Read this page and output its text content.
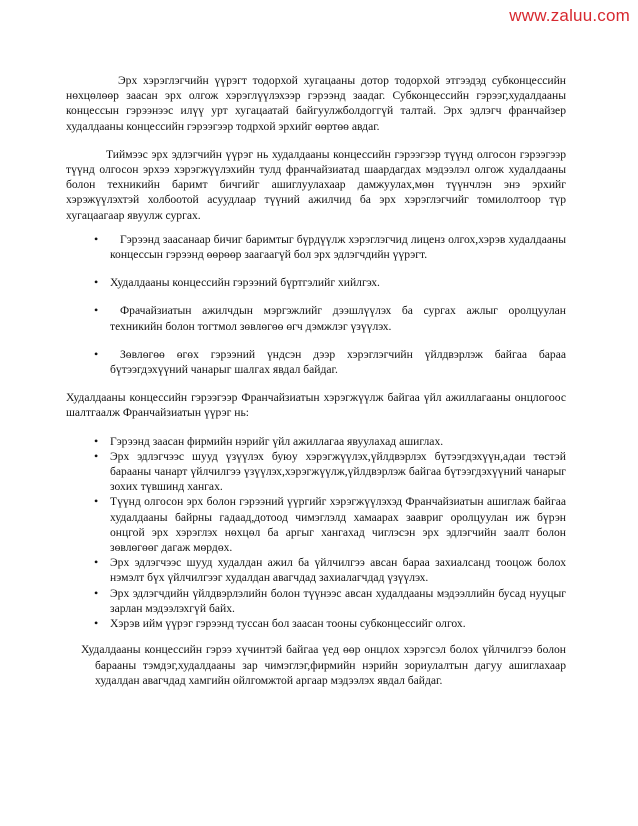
www.zaluu.com

Эрх хэрэглэгчийн үүрэгт тодорхой хугацааны дотор тодорхой этгээдэд субконцессийн нөхцөлөөр заасан эрх олгож хэрэглүүлэхээр гэрээнд заадаг. Субконцессийн гэрээг,худалдааны концессын гэрээнээс илүү урт хугацаатай байгуулжболдоггүй талтай. Эрх эдлэгч франчайзер худалдааны концессийн гэрээгээр тодрхой эрхийг өөртөө авдаг.

Тиймээс эрх эдлэгчийн үүрэг нь худалдааны концессийн гэрээгээр түүнд олгосон гэрээгээр түүнд олгосон эрхээ хэрэгжүүлэхийн тулд франчайзиатад шаардагдах мэдээлэл олгож худалдааны болон техникийн баримт бичгийг ашиглуулахаар дамжуулах,мөн түүнчлэн энэ эрхийг хэрэжүүлэхтэй холбоотой асуудлаар түүний ажилчид ба эрх хэрэглэгчийг томилолтоор түр хугацаагаар явуулж сургах.

• Гэрээнд заасанаар бичиг баримтыг бүрдүүлж хэрэглэгчид лиценз олгох,хэрэв худалдааны концессын гэрээнд өөрөөр заагаагүй бол эрх эдлэгчдийн үүрэгт.
• Худалдааны концессийн гэрээний бүртгэлийг хийлгэх.
• Фрачайзиатын ажилчдын мэргэжлийг дээшлүүлэх ба сургах ажлыг оролцуулан техникийн болон тогтмол зөвлөгөө өгч дэмжлэг үзүүлэх.
• Зөвлөгөө өгөх гэрээний үндсэн дээр хэрэглэгчийн үйлдвэрлэж байгаа бараа бүтээгдэхүүний чанарыг шалгах явдал байдаг.

Худалдааны концессийн гэрээгээр Франчайзиатын хэрэгжүүлж байгаа үйл ажиллагааны онцлогоос шалтгаалж Франчайзиатын үүрэг нь:

• Гэрээнд заасан фирмийн нэрийг үйл ажиллагаа явуулахад ашиглах.
• Эрх эдлэгчээс шууд үзүүлэх буюу хэрэгжүүлэх,үйлдвэрлэх бүтээгдэхүүн,адаи төстэй барааны чанарт үйлчилгээ үзүүлэх,хэрэгжүүлж,үйлдвэрлэж байгаа бүтээгдэхүүний чанарыг зохих түвшинд хангах.
• Түүнд олгосон эрх болон гэрээний үүргийг хэрэгжүүлэхэд Франчайзиатын ашиглаж байгаа худалдааны байрны гадаад,дотоод чимэглэлд хамаарах заавриг оролцуулан иж бүрэн онцгой эрх хэрэглэх нөхцөл ба аргыг хангахад чиглэсэн эрх эдлэгчийн заалт болон зөвлөгөөг дагаж мөрдөх.
• Эрх эдлэгчээс шууд худалдан ажил ба үйлчилгээ авсан бараа захиалсанд тооцож болох нэмэлт бүх үйлчилгээг худалдан авагчдад захиалагчдад үзүүлэх.
• Эрх эдлэгчдийн үйлдвэрлэлийн болон түүнээс авсан худалдааны мэдээллийн бусад нууцыг зарлан мэдээлэхгүй байх.
• Хэрэв ийм үүрэг гэрээнд туссан бол заасан тооны субконцессийг олгох.

Худалдааны концессийн гэрээ хүчинтэй байгаа үед өөр онцлох хэрэгсэл болох үйлчилгээ болон барааны тэмдэг,худалдааны зар чимэглэг,фирмийн нэрийн зориулалтын дагуу ашиглахаар худалдан авагчдад хамгийн ойлгомжтой аргаар мэдээлэх явдал байдаг.
